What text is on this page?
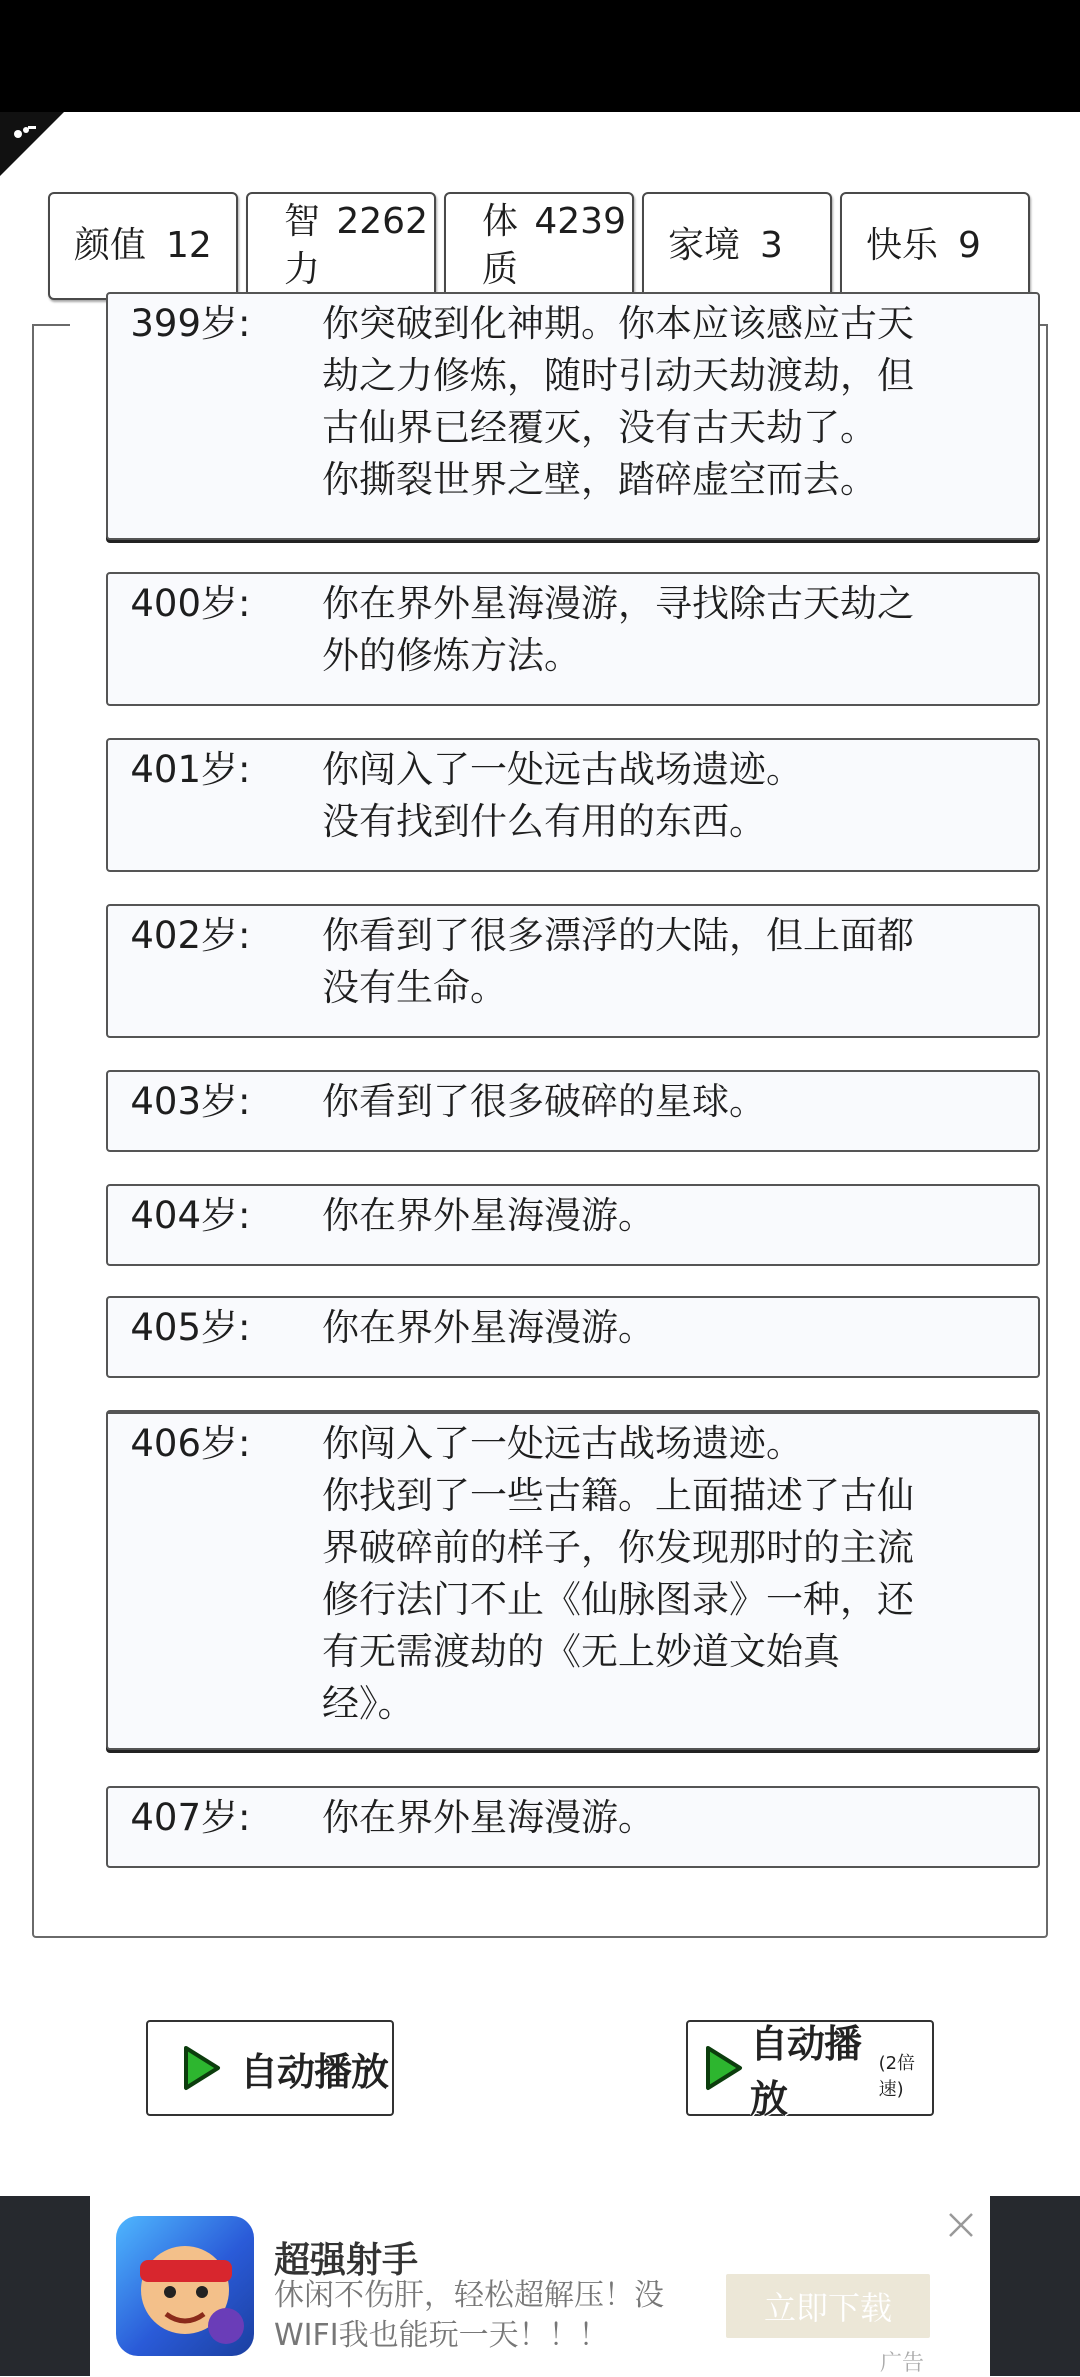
颜值 12
智 2262
力
体 4239
质
家境 3 快乐 9
399岁 :	你突破到化神期。你本应该感应古天
劫之力修炼，随时引动天劫渡劫，但
古仙界已经覆灭，没有古天劫了。
你撕裂世界之壁，踏碎虚空而去。
400岁 :	你在界外星海漫游，寻找除古天劫之
外的修炼方法。
401岁 :	你闯入了一处远古战场遗迹。
没有找到什么有用的东西。
402岁 :	你看到了很多漂浮的大陆，但上面都
没有生命。
403岁 :	你看到了很多破碎的星球。
404岁 :	你在界外星海漫游。
405岁 :	你在界外星海漫游。
406岁 :	你闯入了一处远古战场遗迹。
你找到了一些古籍。上面描述了古仙
界破碎前的样子，你发现那时的主流
修行法门不止《仙脉图录》一种，还
有无需渡劫的《无上妙道文始真
经》。
407岁 :	你在界外星海漫游。
自动播放
自动播放
(2倍速)
超强射手
休闲不伤肝，轻松超解压！没WIFI我也能玩一天！！！
立即下载
广告
